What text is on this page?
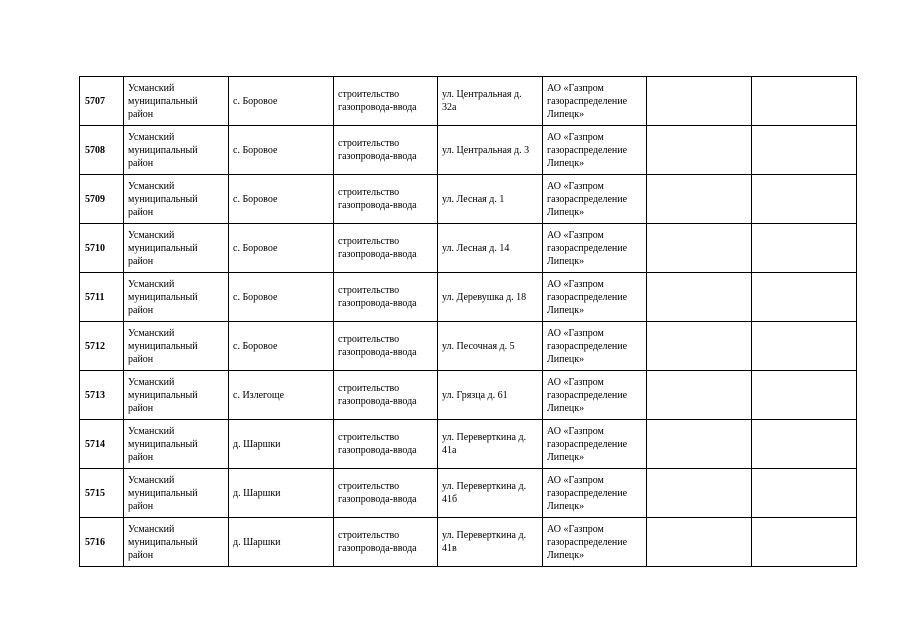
5707	Усманский муниципальный район	с. Боровое	строительство газопровода-ввода	ул. Центральная д. 32а	АО «Газпром газораспределение Липецк»		
5708	Усманский муниципальный район	с. Боровое	строительство газопровода-ввода	ул. Центральная д. 3	АО «Газпром газораспределение Липецк»		
5709	Усманский муниципальный район	с. Боровое	строительство газопровода-ввода	ул. Лесная д. 1	АО «Газпром газораспределение Липецк»		
5710	Усманский муниципальный район	с. Боровое	строительство газопровода-ввода	ул. Лесная д. 14	АО «Газпром газораспределение Липецк»		
5711	Усманский муниципальный район	с. Боровое	строительство газопровода-ввода	ул. Деревушка д. 18	АО «Газпром газораспределение Липецк»		
5712	Усманский муниципальный район	с. Боровое	строительство газопровода-ввода	ул. Песочная д. 5	АО «Газпром газораспределение Липецк»		
5713	Усманский муниципальный район	с. Излегоще	строительство газопровода-ввода	ул. Грязца д. 61	АО «Газпром газораспределение Липецк»		
5714	Усманский муниципальный район	д. Шаршки	строительство газопровода-ввода	ул. Переверткина д. 41а	АО «Газпром газораспределение Липецк»		
5715	Усманский муниципальный район	д. Шаршки	строительство газопровода-ввода	ул. Переверткина д. 41б	АО «Газпром газораспределение Липецк»		
5716	Усманский муниципальный район	д. Шаршки	строительство газопровода-ввода	ул. Переверткина д. 41в	АО «Газпром газораспределение Липецк»		
